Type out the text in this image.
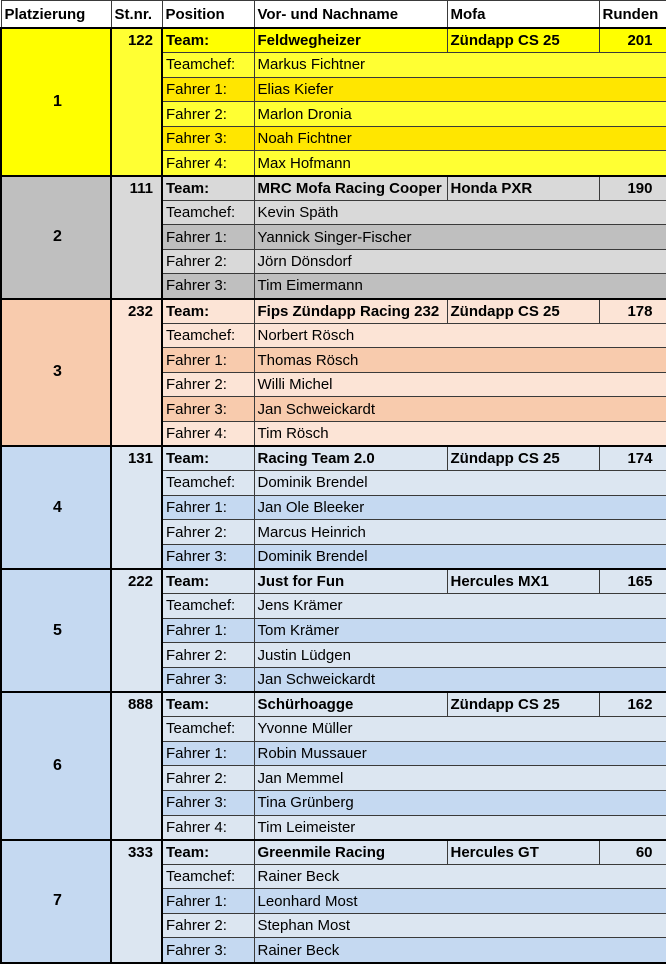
Platzierung	St.nr.	Position	Vor- und Nachname	Mofa	Runden
1	122	Team:	Feldwegheizer	Zündapp CS 25	201
		Teamchef:	Markus Fichtner		
		Fahrer 1:	Elias Kiefer		
		Fahrer 2:	Marlon Dronia		
		Fahrer 3:	Noah Fichtner		
		Fahrer 4:	Max Hofmann		
2	111	Team:	MRC Mofa Racing Cooper	Honda PXR	190
		Teamchef:	Kevin Späth		
		Fahrer 1:	Yannick Singer-Fischer		
		Fahrer 2:	Jörn Dönsdorf		
		Fahrer 3:	Tim Eimermann		
3	232	Team:	Fips Zündapp Racing 232	Zündapp CS 25	178
		Teamchef:	Norbert Rösch		
		Fahrer 1:	Thomas Rösch		
		Fahrer 2:	Willi Michel		
		Fahrer 3:	Jan Schweickardt		
		Fahrer 4:	Tim Rösch		
4	131	Team:	Racing Team 2.0	Zündapp CS 25	174
		Teamchef:	Dominik Brendel		
		Fahrer 1:	Jan Ole Bleeker		
		Fahrer 2:	Marcus Heinrich		
		Fahrer 3:	Dominik Brendel		
5	222	Team:	Just for Fun	Hercules MX1	165
		Teamchef:	Jens Krämer		
		Fahrer 1:	Tom Krämer		
		Fahrer 2:	Justin Lüdgen		
		Fahrer 3:	Jan Schweickardt		
6	888	Team:	Schürhoagge	Zündapp CS 25	162
		Teamchef:	Yvonne Müller		
		Fahrer 1:	Robin Mussauer		
		Fahrer 2:	Jan Memmel		
		Fahrer 3:	Tina Grünberg		
		Fahrer 4:	Tim Leimeister		
7	333	Team:	Greenmile Racing	Hercules GT	60
		Teamchef:	Rainer Beck		
		Fahrer 1:	Leonhard Most		
		Fahrer 2:	Stephan Most		
		Fahrer 3:	Rainer Beck		
